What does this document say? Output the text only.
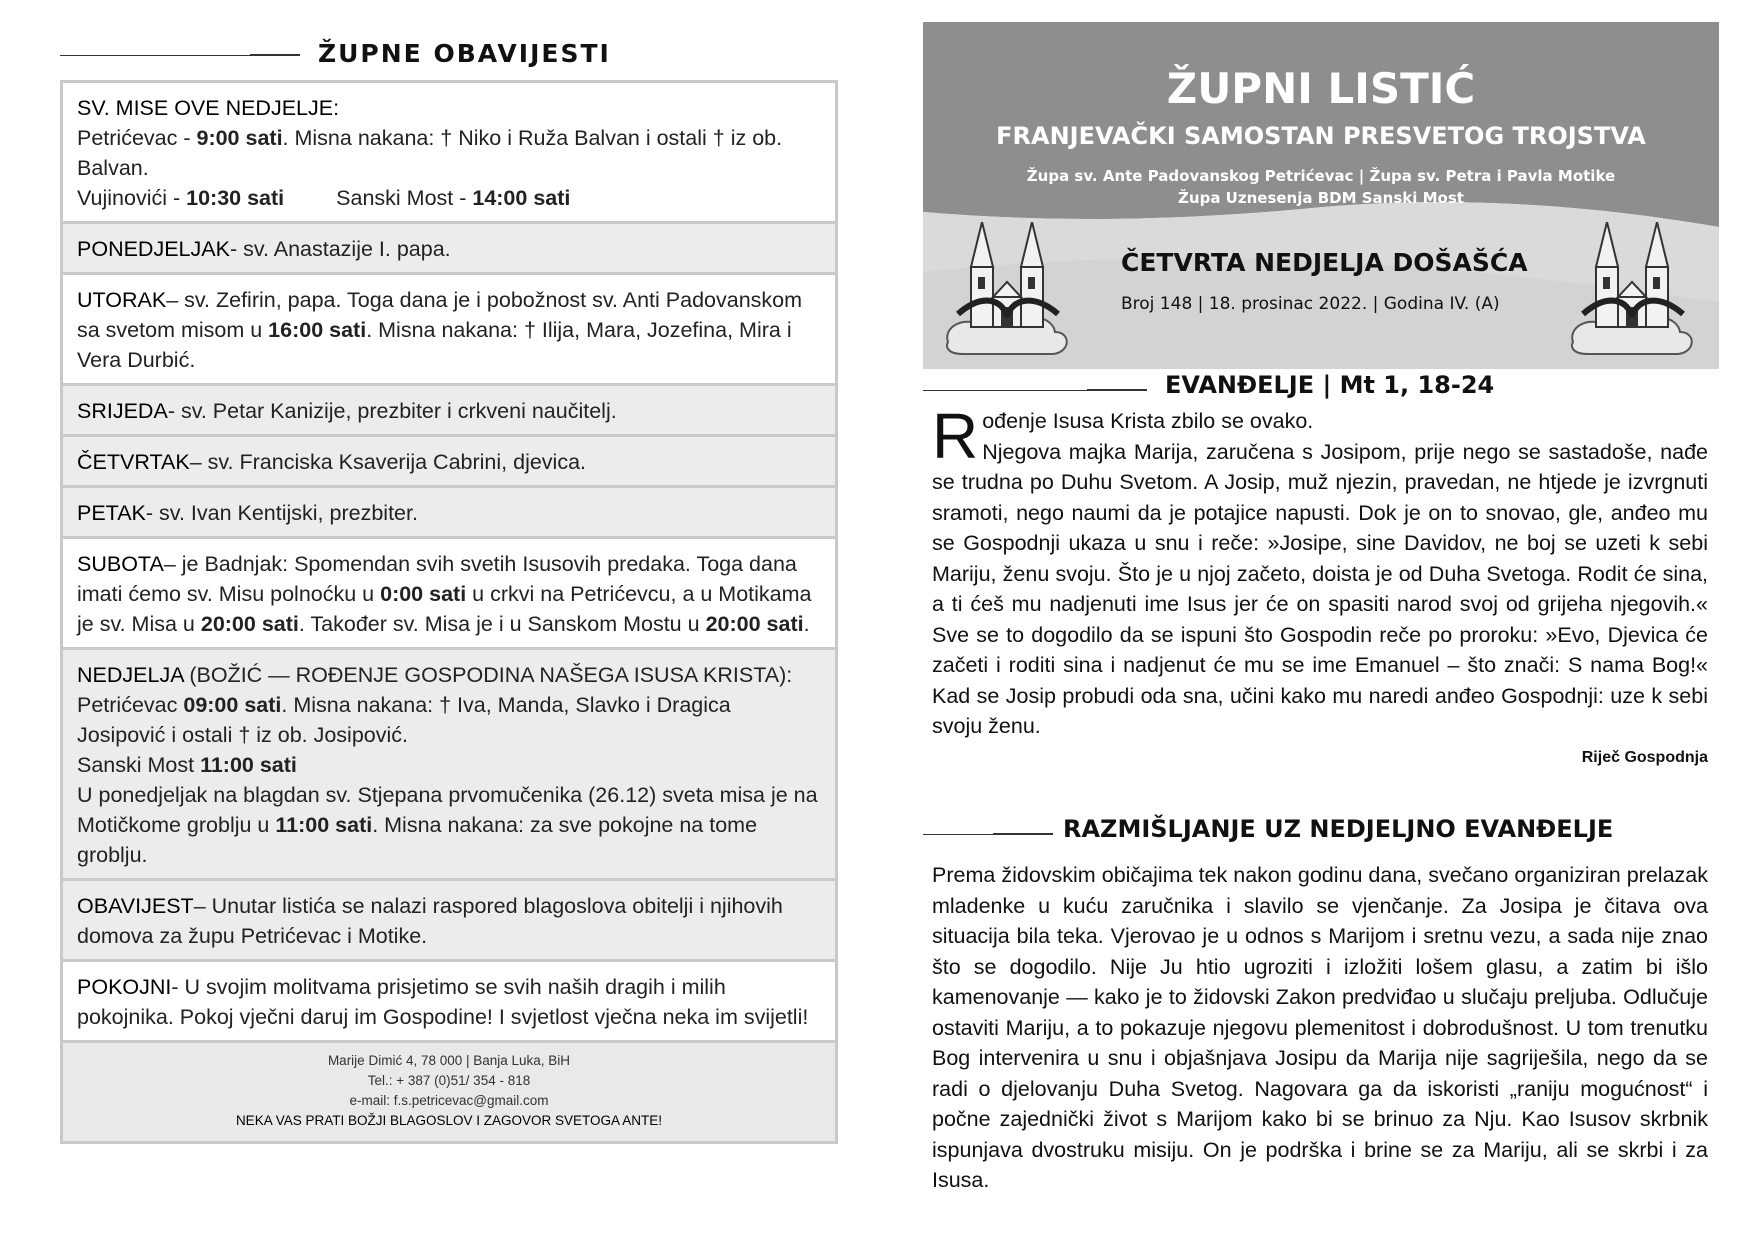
ŽUPNE OBAVIJESTI
SV. MISE OVE NEDJELJE:
Petrićevac - 9:00 sati. Misna nakana: † Niko i Ruža Balvan i ostali † iz ob. Balvan.
Vujinovići - 10:30 sati Sanski Most - 14:00 sati
PONEDJELJAK- sv. Anastazije I. papa.
UTORAK– sv. Zefirin, papa. Toga dana je i pobožnost sv. Anti Padovanskom sa svetom misom u 16:00 sati. Misna nakana: † Ilija, Mara, Jozefina, Mira i Vera Durbić.
SRIJEDA- sv. Petar Kanizije, prezbiter i crkveni naučitelj.
ČETVRTAK– sv. Franciska Ksaverija Cabrini, djevica.
PETAK- sv. Ivan Kentijski, prezbiter.
SUBOTA– je Badnjak: Spomendan svih svetih Isusovih predaka. Toga dana imati ćemo sv. Misu polnoćku u 0:00 sati u crkvi na Petrićevcu, a u Motikama je sv. Misa u 20:00 sati. Također sv. Misa je i u Sanskom Mostu u 20:00 sati.
NEDJELJA (BOŽIĆ — ROĐENJE GOSPODINA NAŠEGA ISUSA KRISTA):
Petrićevac 09:00 sati. Misna nakana: † Iva, Manda, Slavko i Dragica Josipović i ostali † iz ob. Josipović.
Sanski Most 11:00 sati
U ponedjeljak na blagdan sv. Stjepana prvomučenika (26.12) sveta misa je na Motičkome groblju u 11:00 sati. Misna nakana: za sve pokojne na tome groblju.
OBAVIJEST– Unutar listića se nalazi raspored blagoslova obitelji i njihovih domova za župu Petrićevac i Motike.
POKOJNI- U svojim molitvama prisjetimo se svih naših dragih i milih pokojnika. Pokoj vječni daruj im Gospodine! I svjetlost vječna neka im svijetli!
Marije Dimić 4, 78 000 | Banja Luka, BiH
Tel.: + 387 (0)51/ 354 - 818
e-mail: f.s.petricevac@gmail.com
NEKA VAS PRATI BOŽJI BLAGOSLOV I ZAGOVOR SVETOGA ANTE!
ŽUPNI LISTIĆ
FRANJEVAČKI SAMOSTAN PRESVETOG TROJSTVA
Župa sv. Ante Padovanskog Petrićevac | Župa sv. Petra i Pavla Motike
Župa Uznesenja BDM Sanski Most
ČETVRTA NEDJELJA DOŠAŠĆA
Broj 148 | 18. prosinac 2022. | Godina IV. (A)
EVANĐELJE | Mt 1, 18-24
R ođenje Isusa Krista zbilo se ovako.
Njegova majka Marija, zaručena s Josipom, prije nego se sastadoše, nađe se trudna po Duhu Svetom. A Josip, muž njezin, pravedan, ne htjede je izvrgnuti sramoti, nego naumi da je potajice napusti. Dok je on to snovao, gle, anđeo mu se Gospodnji ukaza u snu i reče: »Josipe, sine Davidov, ne boj se uzeti k sebi Mariju, ženu svoju. Što je u njoj začeto, doista je od Duha Svetoga. Rodit će sina, a ti ćeš mu nadjenuti ime Isus jer će on spasiti narod svoj od grijeha njegovih.« Sve se to dogodilo da se ispuni što Gospodin reče po proroku: »Evo, Djevica će začeti i roditi sina i nadjenut će mu se ime Emanuel – što znači: S nama Bog!« Kad se Josip probudi oda sna, učini kako mu naredi anđeo Gospodnji: uze k sebi svoju ženu.
Riječ Gospodnja
RAZMIŠLJANJE UZ NEDJELJNO EVANĐELJE
Prema židovskim običajima tek nakon godinu dana, svečano organiziran prelazak mladenke u kuću zaručnika i slavilo se vjenčanje. Za Josipa je čitava ova situacija bila teka. Vjerovao je u odnos s Marijom i sretnu vezu, a sada nije znao što se dogodilo. Nije Ju htio ugroziti i izložiti lošem glasu, a zatim bi išlo kamenovanje — kako je to židovski Zakon predviđao u slučaju preljuba. Odlučuje ostaviti Mariju, a to pokazuje njegovu plemenitost i dobrodušnost. U tom trenutku Bog intervenira u snu i objašnjava Josipu da Marija nije sagriješila, nego da se radi o djelovanju Duha Svetog. Nagovara ga da iskoristi „raniju mogućnost“ i počne zajednički život s Marijom kako bi se brinuo za Nju. Kao Isusov skrbnik ispunjava dvostruku misiju. On je podrška i brine se za Mariju, ali se skrbi i za Isusa.
